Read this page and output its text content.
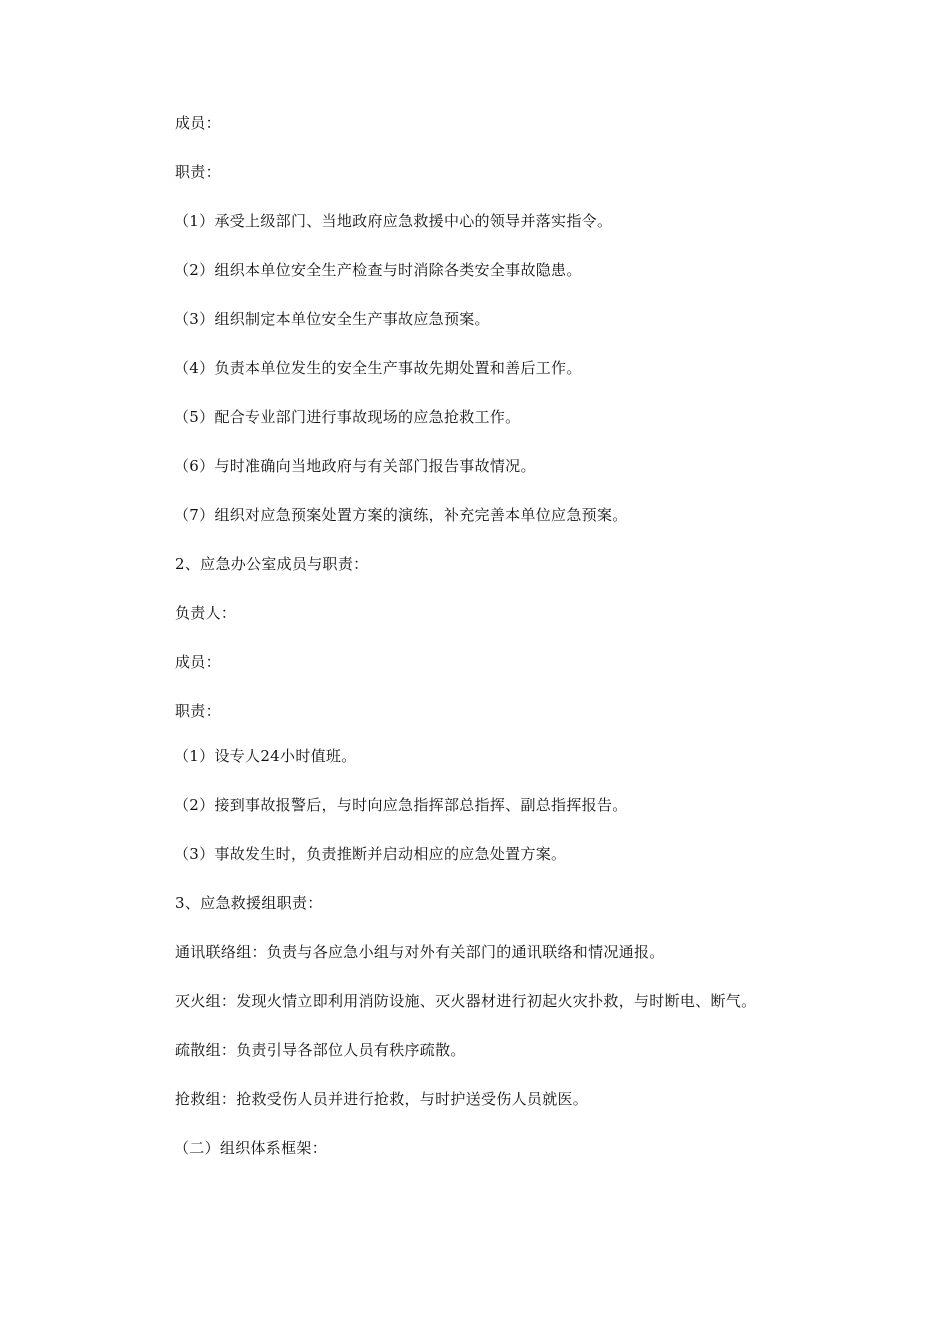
成员：
职责：
（1）承受上级部门、当地政府应急救援中心的领导并落实指令。
（2）组织本单位安全生产检查与时消除各类安全事故隐患。
（3）组织制定本单位安全生产事故应急预案。
（4）负责本单位发生的安全生产事故先期处置和善后工作。
（5）配合专业部门进行事故现场的应急抢救工作。
（6）与时准确向当地政府与有关部门报告事故情况。
（7）组织对应急预案处置方案的演练，补充完善本单位应急预案。
2、应急办公室成员与职责：
负责人：
成员：
职责：
（1）设专人24小时值班。
（2）接到事故报警后，与时向应急指挥部总指挥、副总指挥报告。
（3）事故发生时，负责推断并启动相应的应急处置方案。
3、应急救援组职责：
通讯联络组：负责与各应急小组与对外有关部门的通讯联络和情况通报。
灭火组：发现火情立即利用消防设施、灭火器材进行初起火灾扑救，与时断电、断气。
疏散组：负责引导各部位人员有秩序疏散。
抢救组：抢救受伤人员并进行抢救，与时护送受伤人员就医。
（二）组织体系框架：
